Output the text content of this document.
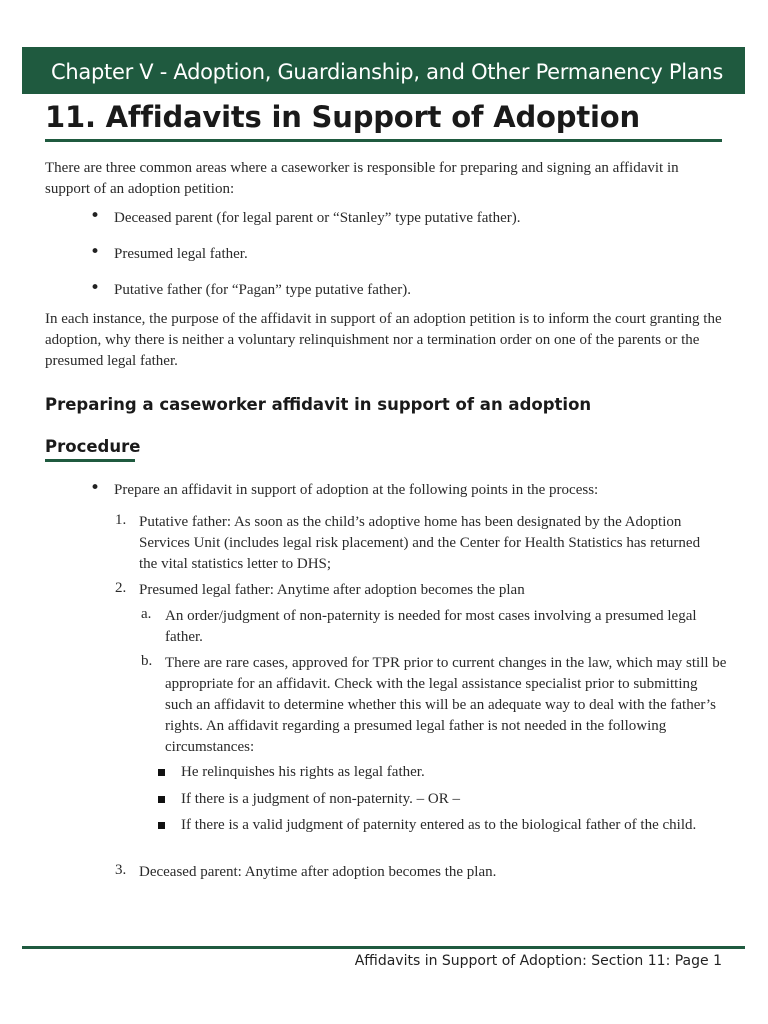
Chapter V - Adoption, Guardianship, and Other Permanency Plans
11. Affidavits in Support of Adoption

There are three common areas where a caseworker is responsible for preparing and signing an affidavit in support of an adoption petition:

• Deceased parent (for legal parent or “Stanley” type putative father).
• Presumed legal father.
• Putative father (for “Pagan” type putative father).

In each instance, the purpose of the affidavit in support of an adoption petition is to inform the court granting the adoption, why there is neither a voluntary relinquishment nor a termination order on one of the parents or the presumed legal father.

Preparing a caseworker affidavit in support of an adoption
Procedure
• Prepare an affidavit in support of adoption at the following points in the process:
1. Putative father: As soon as the child’s adoptive home has been designated by the Adoption Services Unit (includes legal risk placement) and the Center for Health Statistics has returned the vital statistics letter to DHS;

2. Presumed legal father: Anytime after adoption becomes the plan

a. An order/judgment of non-paternity is needed for most cases involving a presumed legal father.

b. There are rare cases, approved for TPR prior to current changes in the law, which may still be appropriate for an affidavit. Check with the legal assistance specialist prior to submitting such an affidavit to determine whether this will be an adequate way to deal with the father’s rights. An affidavit regarding a presumed legal father is not needed in the following circumstances:

He relinquishes his rights as legal father.

If there is a judgment of non-paternity. – OR –

If there is a valid judgment of paternity entered as to the biological father of the child.

3. Deceased parent: Anytime after adoption becomes the plan.

Affidavits in Support of Adoption: Section 11: Page 1
